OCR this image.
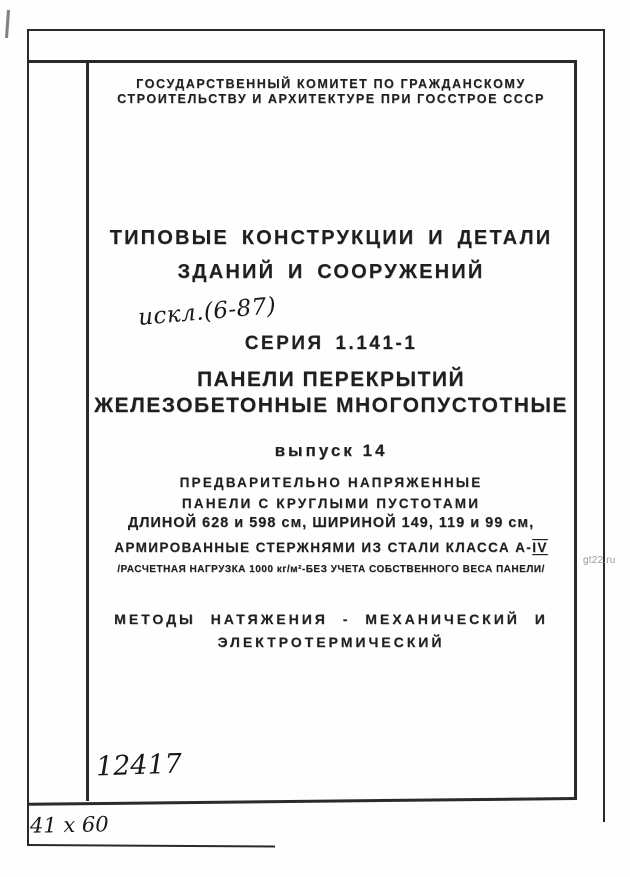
ГОСУДАРСТВЕННЫЙ КОМИТЕТ ПО ГРАЖДАНСКОМУ
СТРОИТЕЛЬСТВУ И АРХИТЕКТУРЕ ПРИ ГОССТРОЕ СССР
ТИПОВЫЕ КОНСТРУКЦИИ И ДЕТАЛИ
ЗДАНИЙ И СООРУЖЕНИЙ
СЕРИЯ 1.141-1
ПАНЕЛИ ПЕРЕКРЫТИЙ
ЖЕЛЕЗОБЕТОННЫЕ МНОГОПУСТОТНЫЕ
выпуск 14
ПРЕДВАРИТЕЛЬНО НАПРЯЖЕННЫЕ
ПАНЕЛИ С КРУГЛЫМИ ПУСТОТАМИ
ДЛИНОЙ 628 и 598 см, ШИРИНОЙ 149, 119 и 99 см,
АРМИРОВАННЫЕ СТЕРЖНЯМИ ИЗ СТАЛИ КЛАССА А-IV
/РАСЧЕТНАЯ НАГРУЗКА 1000 кг/м²-БЕЗ УЧЕТА СОБСТВЕННОГО ВЕСА ПАНЕЛИ/
МЕТОДЫ НАТЯЖЕНИЯ - МЕХАНИЧЕСКИЙ И
ЭЛЕКТРОТЕРМИЧЕСКИЙ
искл.(6-87)
12417
41 х 60
gt22.ru
